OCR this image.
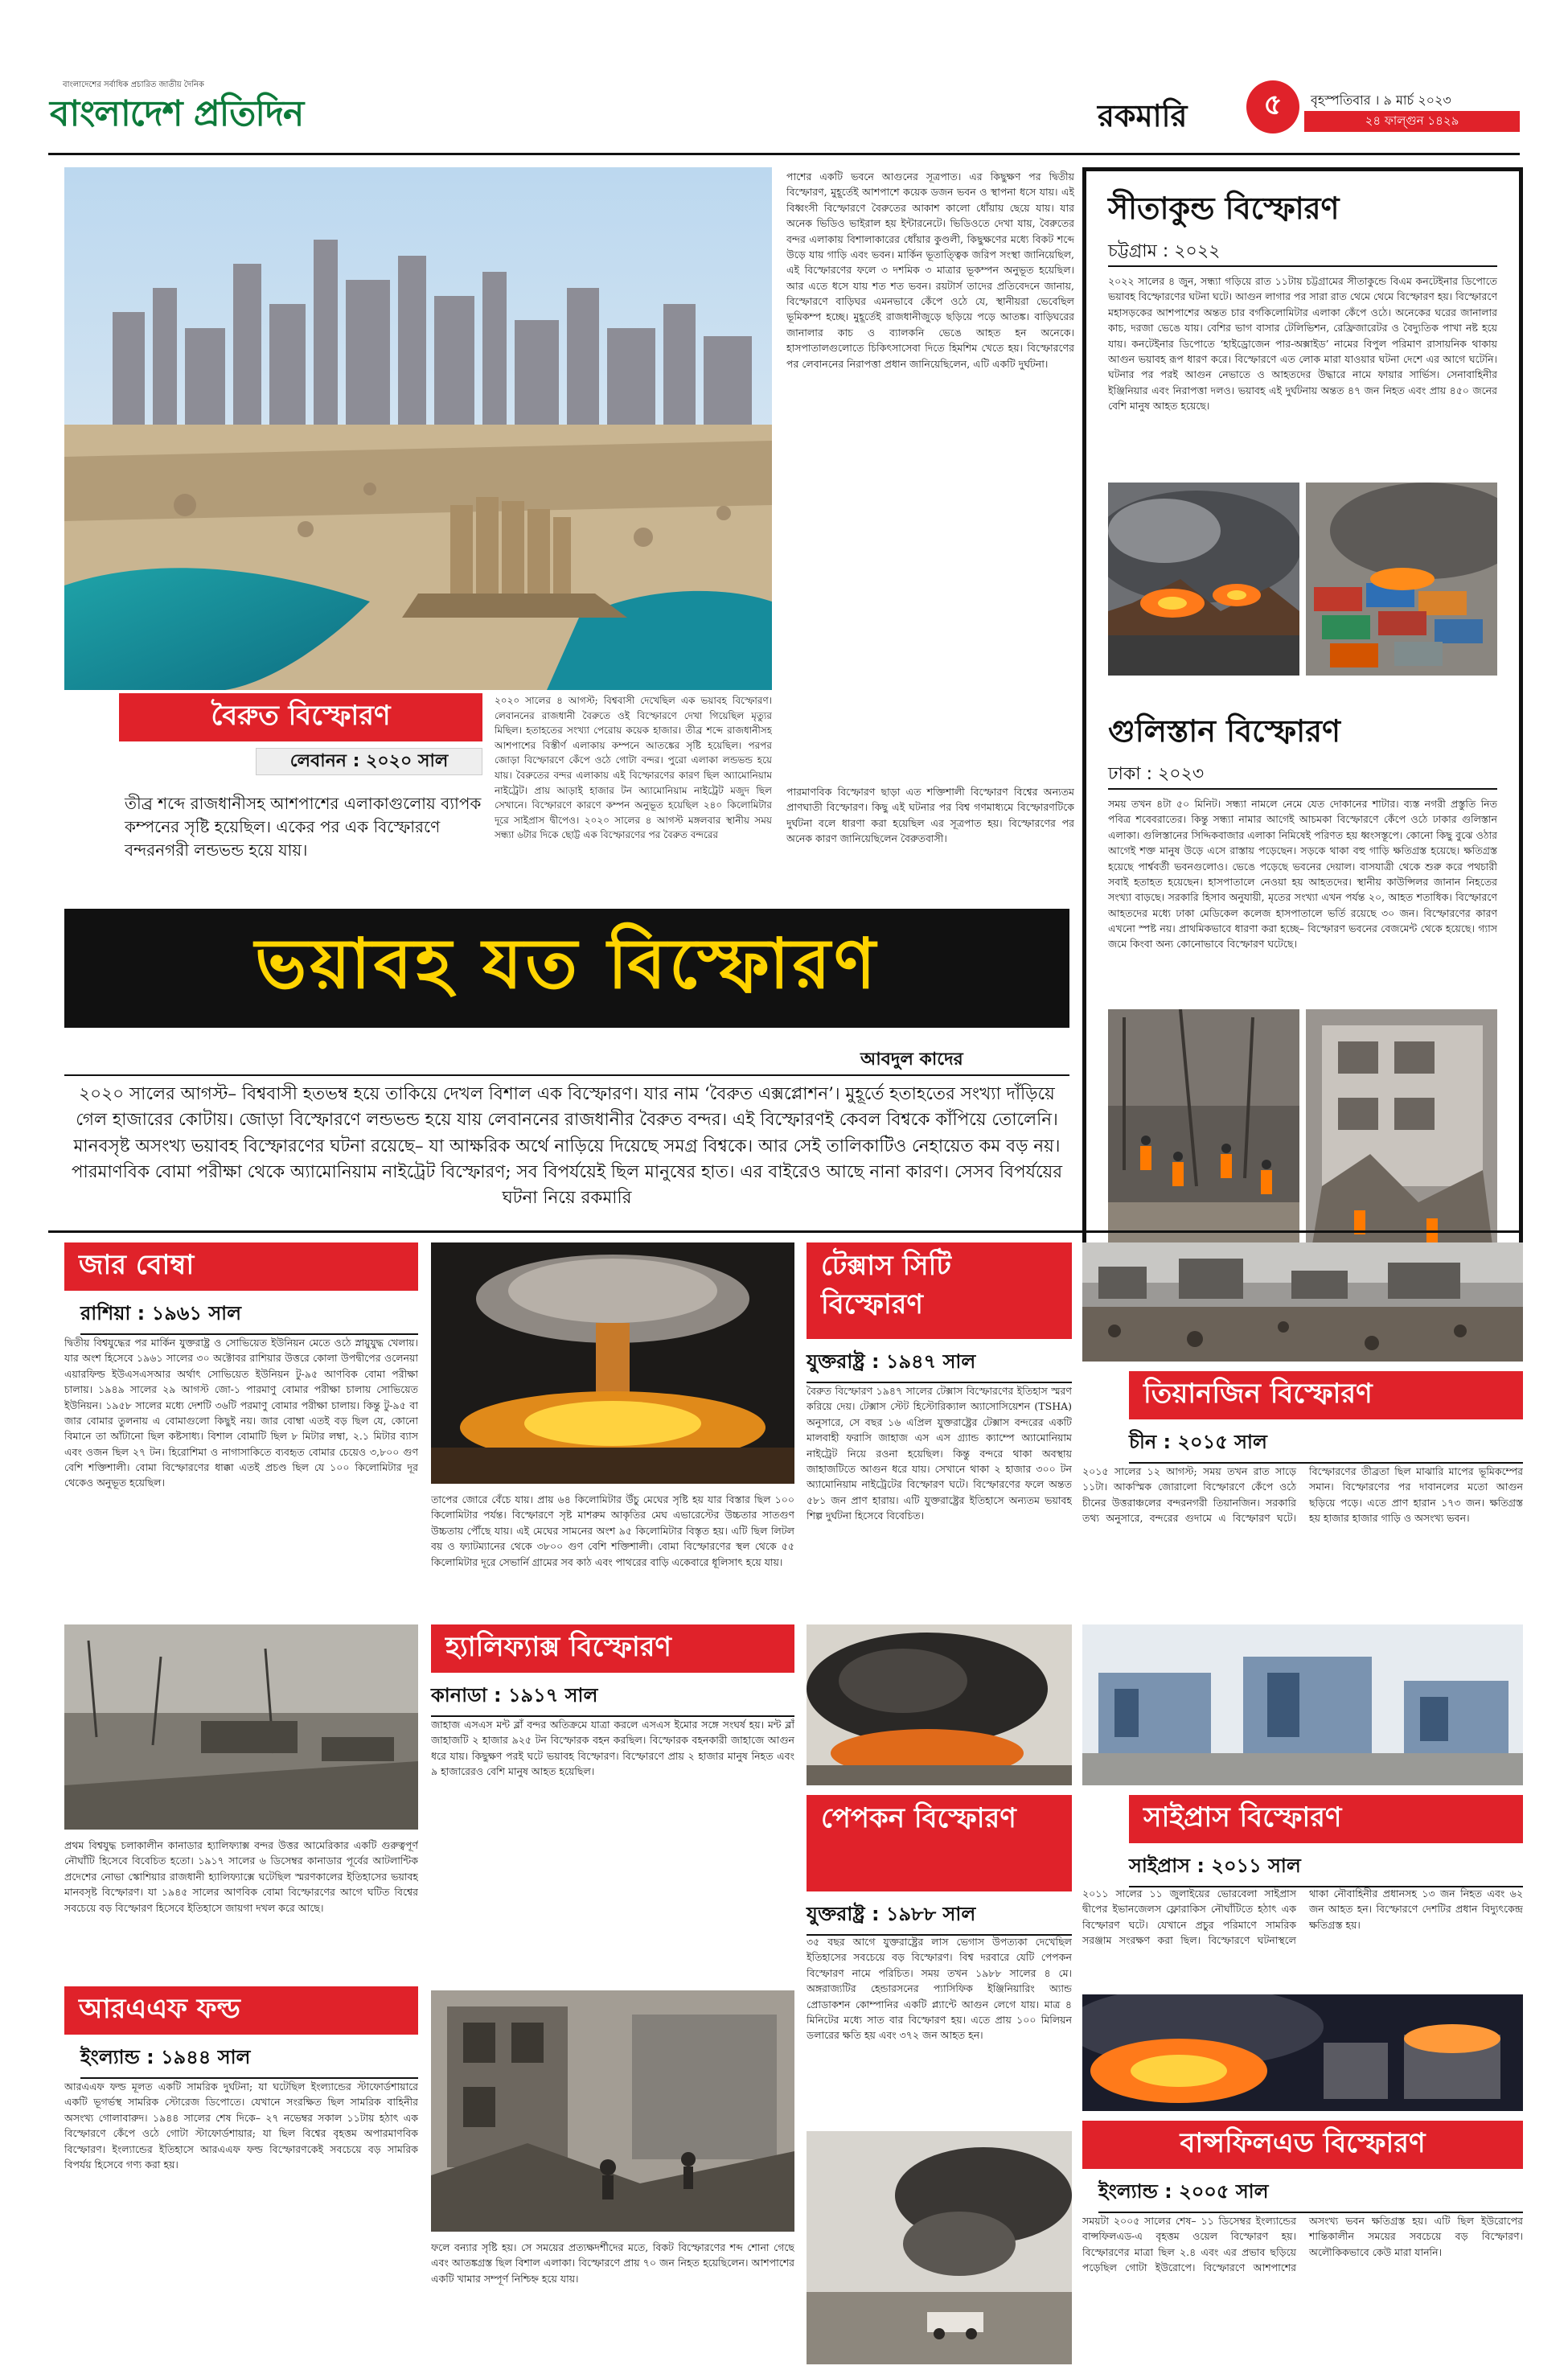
বাংলাদেশের সর্বাধিক প্রচারিত জাতীয় দৈনিক
বাংলাদেশ প্রতিদিন	রকমারি	৫ বৃহস্পতিবার । ৯ মার্চ ২০২৩
২৪ ফাল্গুন ১৪২৯
বৈরুত বিস্ফোরণ
লেবানন : ২০২০ সাল
তীব্র শব্দে রাজধানীসহ আশপাশের এলাকাগুলোয় ব্যাপক কম্পনের সৃষ্টি হয়েছিল। একের পর এক বিস্ফোরণে বন্দরনগরী লন্ডভন্ড হয়ে যায়।
২০২০ সালের ৪ আগস্ট; বিশ্ববাসী দেখেছিল এক ভয়াবহ বিস্ফোরণ। লেবাননের রাজধানী বৈরুতে ওই বিস্ফোরণে দেখা গিয়েছিল মৃত্যুর মিছিল। হতাহতের সংখ্যা পেরোয় কয়েক হাজার। তীব্র শব্দে রাজধানীসহ আশপাশের বিস্তীর্ণ এলাকায় কম্পনে আতঙ্কের সৃষ্টি হয়েছিল। পরপর জোড়া বিস্ফোরণে কেঁপে ওঠে গোটা বন্দর। পুরো এলাকা লন্ডভন্ড হয়ে যায়। বৈরুতের বন্দর এলাকায় এই বিস্ফোরণের কারণ ছিল অ্যামোনিয়াম নাইট্রেট। প্রায় আড়াই হাজার টন অ্যামোনিয়াম নাইট্রেট মজুদ ছিল সেখানে। বিস্ফোরণে কারণে কম্পন অনুভূত হয়েছিল ২৪০ কিলোমিটার দূরে সাইপ্রাস দ্বীপেও। ২০২০ সালের ৪ আগস্ট মঙ্গলবার স্থানীয় সময় সন্ধ্যা ৬টার দিকে ছোট্ট এক বিস্ফোরণের পর বৈরুত বন্দরের
পাশের একটি ভবনে আগুনের সূত্রপাত। এর কিছুক্ষণ পর দ্বিতীয় বিস্ফোরণ, মুহূর্তেই আশপাশে কয়েক ডজন ভবন ও স্থাপনা ধসে যায়। এই বিধ্বংসী বিস্ফোরণে বৈরুতের আকাশ কালো ধোঁয়ায় ছেয়ে যায়। যার অনেক ভিডিও ভাইরাল হয় ইন্টারনেটে। ভিডিওতে দেখা যায়, বৈরুতের বন্দর এলাকায় বিশালাকারের ধোঁয়ার কুণ্ডলী, কিছুক্ষণের মধ্যে বিকট শব্দে উড়ে যায় গাড়ি এবং ভবন। মার্কিন ভূতাত্ত্বিক জরিপ সংস্থা জানিয়েছিল, এই বিস্ফোরণের ফলে ৩ দশমিক ৩ মাত্রার ভূকম্পন অনুভূত হয়েছিল। আর এতে ধসে যায় শত শত ভবন। রয়টার্স তাদের প্রতিবেদনে জানায়, বিস্ফোরণে বাড়িঘর এমনভাবে কেঁপে ওঠে যে, স্থানীয়রা ভেবেছিল ভূমিকম্প হচ্ছে। মুহূর্তেই রাজধানীজুড়ে ছড়িয়ে পড়ে আতঙ্ক। বাড়িঘরের জানালার কাচ ও ব্যালকনি ভেঙে আহত হন অনেকে। হাসপাতালগুলোতে চিকিৎসাসেবা দিতে হিমশিম খেতে হয়। বিস্ফোরণের পর লেবাননের নিরাপত্তা প্রধান জানিয়েছিলেন, এটি একটি দুর্ঘটনা।
পারমাণবিক বিস্ফোরণ ছাড়া এত শক্তিশালী বিস্ফোরণ বিশ্বের অন্যতম প্রাণঘাতী বিস্ফোরণ। কিছু এই ঘটনার পর বিশ্ব গণমাধ্যমে বিস্ফোরণটিকে দুর্ঘটনা বলে ধারণা করা হয়েছিল এর সূত্রপাত হয়। বিস্ফোরণের পর অনেক কারণ জানিয়েছিলেন বৈরুতবাসী।
সীতাকুন্ড বিস্ফোরণ
চট্টগ্রাম : ২০২২
২০২২ সালের ৪ জুন, সন্ধ্যা গড়িয়ে রাত ১১টায় চট্টগ্রামের সীতাকুন্ডে বিএম কনটেইনার ডিপোতে ভয়াবহ বিস্ফোরণের ঘটনা ঘটে। আগুন লাগার পর সারা রাত থেমে থেমে বিস্ফোরণ হয়। বিস্ফোরণে মহাসড়কের আশপাশের অন্তত চার বর্গকিলোমিটার এলাকা কেঁপে ওঠে। অনেকের ঘরের জানালার কাচ, দরজা ভেঙে যায়। বেশির ভাগ বাসার টেলিভিশন, রেফ্রিজারেটর ও বৈদ্যুতিক পাখা নষ্ট হয়ে যায়। কনটেইনার ডিপোতে ‘হাইড্রোজেন পার-অক্সাইড’ নামের বিপুল পরিমাণ রাসায়নিক থাকায় আগুন ভয়াবহ রূপ ধারণ করে। বিস্ফোরণে এত লোক মারা যাওয়ার ঘটনা দেশে এর আগে ঘটেনি। ঘটনার পর পরই আগুন নেভাতে ও আহতদের উদ্ধারে নামে ফায়ার সার্ভিস। সেনাবাহিনীর ইঞ্জিনিয়ার এবং নিরাপত্তা দলও। ভয়াবহ এই দুর্ঘটনায় অন্তত ৪৭ জন নিহত এবং প্রায় ৪৫০ জনের বেশি মানুষ আহত হয়েছে।
গুলিস্তান বিস্ফোরণ
ঢাকা : ২০২৩
সময় তখন ৪টা ৫০ মিনিট। সন্ধ্যা নামলে নেমে যেত দোকানের শাটার। ব্যস্ত নগরী প্রস্তুতি নিত পবিত্র শবেবরাতের। কিন্তু সন্ধ্যা নামার আগেই আচমকা বিস্ফোরণে কেঁপে ওঠে ঢাকার গুলিস্তান এলাকা। গুলিস্তানের সিদ্দিকবাজার এলাকা নিমিষেই পরিণত হয় ধ্বংসস্তূপে। কোনো কিছু বুঝে ওঠার আগেই শক্ত মানুষ উড়ে এসে রাস্তায় পড়েছেন। সড়কে থাকা বহু গাড়ি ক্ষতিগ্রস্ত হয়েছে। ক্ষতিগ্রস্ত হয়েছে পার্শ্ববর্তী ভবনগুলোও। ভেঙে পড়েছে ভবনের দেয়াল। বাসযাত্রী থেকে শুরু করে পথচারী সবাই হতাহত হয়েছেন। হাসপাতালে নেওয়া হয় আহতদের। স্থানীয় কাউন্সিলর জানান নিহতের সংখ্যা বাড়ছে। সরকারি হিসাব অনুযায়ী, মৃতের সংখ্যা এখন পর্যন্ত ২০, আহত শতাধিক। বিস্ফোরণে আহতদের মধ্যে ঢাকা মেডিকেল কলেজ হাসপাতালে ভর্তি রয়েছে ৩০ জন। বিস্ফোরণের কারণ এখনো স্পষ্ট নয়। প্রাথমিকভাবে ধারণা করা হচ্ছে– বিস্ফোরণ ভবনের বেজমেন্ট থেকে হয়েছে। গ্যাস জমে কিংবা অন্য কোনোভাবে বিস্ফোরণ ঘটেছে।
ভয়াবহ যত বিস্ফোরণ
আবদুল কাদের
২০২০ সালের আগস্ট– বিশ্ববাসী হতভম্ব হয়ে তাকিয়ে দেখল বিশাল এক বিস্ফোরণ। যার নাম ‘বৈরুত এক্সপ্লোশন’। মুহূর্তে হতাহতের সংখ্যা দাঁড়িয়ে গেল হাজারের কোটায়। জোড়া বিস্ফোরণে লন্ডভন্ড হয়ে যায় লেবাননের রাজধানীর বৈরুত বন্দর। এই বিস্ফোরণই কেবল বিশ্বকে কাঁপিয়ে তোলেনি। মানবসৃষ্ট অসংখ্য ভয়াবহ বিস্ফোরণের ঘটনা রয়েছে– যা আক্ষরিক অর্থে নাড়িয়ে দিয়েছে সমগ্র বিশ্বকে। আর সেই তালিকাটিও নেহায়েত কম বড় নয়। পারমাণবিক বোমা পরীক্ষা থেকে অ্যামোনিয়াম নাইট্রেট বিস্ফোরণ; সব বিপর্যয়েই ছিল মানুষের হাত। এর বাইরেও আছে নানা কারণ। সেসব বিপর্যয়ের ঘটনা নিয়ে রকমারি
জার বোম্বা
রাশিয়া : ১৯৬১ সাল
দ্বিতীয় বিশ্বযুদ্ধের পর মার্কিন যুক্তরাষ্ট্র ও সোভিয়েত ইউনিয়ন মেতে ওঠে স্নায়ুযুদ্ধ খেলায়। যার অংশ হিসেবে ১৯৬১ সালের ৩০ অক্টোবর রাশিয়ার উত্তরে কোলা উপদ্বীপের ওলেনয়া এয়ারফিল্ড ইউএসএসআর অর্থাৎ সোভিয়েত ইউনিয়ন টু-৯৫ আণবিক বোমা পরীক্ষা চালায়। ১৯৪৯ সালের ২৯ আগস্ট জো-১ পারমাণু বোমার পরীক্ষা চালায় সোভিয়েত ইউনিয়ন। ১৯৫৮ সালের মধ্যে দেশটি ৩৬টি পরমাণু বোমার পরীক্ষা চালায়। কিন্তু টু-৯৫ বা জার বোমার তুলনায় এ বোমাগুলো কিছুই নয়। জার বোম্বা এতই বড় ছিল যে, কোনো বিমানে তা আঁটানো ছিল কষ্টসাধ্য। বিশাল বোমাটি ছিল ৮ মিটার লম্বা, ২.১ মিটার ব্যাস এবং ওজন ছিল ২৭ টন। হিরোশিমা ও নাগাসাকিতে ব্যবহৃত বোমার চেয়েও ৩,৮০০ গুণ বেশি শক্তিশালী। বোমা বিস্ফোরণের ধাক্কা এতই প্রচণ্ড ছিল যে ১০০ কিলোমিটার দূর থেকেও অনুভূত হয়েছিল।
তাপের জোরে বেঁচে যায়। প্রায় ৬৪ কিলোমিটার উঁচু মেঘের সৃষ্টি হয় যার বিস্তার ছিল ১০০ কিলোমিটার পর্যন্ত। বিস্ফোরণে সৃষ্ট মাশরুম আকৃতির মেঘ এভারেস্টের উচ্চতার সাতগুণ উচ্চতায় পৌঁছে যায়। এই মেঘের সামনের অংশ ৯৫ কিলোমিটার বিস্তৃত হয়। এটি ছিল লিটল বয় ও ফ্যাটম্যানের থেকে ৩৮০০ গুণ বেশি শক্তিশালী। বোমা বিস্ফোরণের স্থল থেকে ৫৫ কিলোমিটার দূরে সেভার্নি গ্রামের সব কাঠ এবং পাথরের বাড়ি একেবারে ধূলিসাৎ হয়ে যায়।
টেক্সাস সিটি বিস্ফোরণ
যুক্তরাষ্ট্র : ১৯৪৭ সাল
বৈরুত বিস্ফোরণ ১৯৪৭ সালের টেক্সাস বিস্ফোরণের ইতিহাস স্মরণ করিয়ে দেয়। টেক্সাস স্টেট হিস্টোরিক্যাল অ্যাসোসিয়েশন (TSHA) অনুসারে, সে বছর ১৬ এপ্রিল যুক্তরাষ্ট্রের টেক্সাস বন্দরের একটি মালবাহী ফরাসি জাহাজ এস এস গ্র্যান্ড ক্যাম্পে অ্যামোনিয়াম নাইট্রেট নিয়ে রওনা হয়েছিল। কিন্তু বন্দরে থাকা অবস্থায় জাহাজটিতে আগুন ধরে যায়। সেখানে থাকা ২ হাজার ৩০০ টন অ্যামোনিয়াম নাইট্রেটের বিস্ফোরণ ঘটে। বিস্ফোরণের ফলে অন্তত ৫৮১ জন প্রাণ হারায়। এটি যুক্তরাষ্ট্রের ইতিহাসে অন্যতম ভয়াবহ শিল্প দুর্ঘটনা হিসেবে বিবেচিত।
তিয়ানজিন বিস্ফোরণ
চীন : ২০১৫ সাল
২০১৫ সালের ১২ আগস্ট; সময় তখন রাত সাড়ে ১১টা। আকস্মিক জোরালো বিস্ফোরণে কেঁপে ওঠে চীনের উত্তরাঞ্চলের বন্দরনগরী তিয়ানজিন। সরকারি তথ্য অনুসারে, বন্দরের গুদামে এ বিস্ফোরণ ঘটে। বিস্ফোরণের তীব্রতা ছিল মাঝারি মাপের ভূমিকম্পের সমান। বিস্ফোরণের পর দাবানলের মতো আগুন ছড়িয়ে পড়ে। এতে প্রাণ হারান ১৭৩ জন। ক্ষতিগ্রস্ত হয় হাজার হাজার গাড়ি ও অসংখ্য ভবন।
প্রথম বিশ্বযুদ্ধ চলাকালীন কানাডার হ্যালিফ্যাক্স বন্দর উত্তর আমেরিকার একটি গুরুত্বপূর্ণ নৌঘাঁটি হিসেবে বিবেচিত হতো। ১৯১৭ সালের ৬ ডিসেম্বর কানাডার পূর্বের আটলান্টিক প্রদেশের নোভা স্কোশিয়ার রাজধানী হ্যালিফ্যাক্সে ঘটেছিল স্মরণকালের ইতিহাসের ভয়াবহ মানবসৃষ্ট বিস্ফোরণ। যা ১৯৪৫ সালের আণবিক বোমা বিস্ফোরণের আগে ঘটিত বিশ্বের সবচেয়ে বড় বিস্ফোরণ হিসেবে ইতিহাসে জায়গা দখল করে আছে।
হ্যালিফ্যাক্স বিস্ফোরণ
কানাডা : ১৯১৭ সাল
জাহাজ এসএস মন্ট ব্লাঁ বন্দর অতিক্রমে যাত্রা করলে এসএস ইমোর সঙ্গে সংঘর্ষ হয়। মন্ট ব্লাঁ জাহাজটি ২ হাজার ৯২৫ টন বিস্ফোরক বহন করছিল। বিস্ফোরক বহনকারী জাহাজে আগুন ধরে যায়। কিছুক্ষণ পরই ঘটে ভয়াবহ বিস্ফোরণ। বিস্ফোরণে প্রায় ২ হাজার মানুষ নিহত এবং ৯ হাজারেরও বেশি মানুষ আহত হয়েছিল।
পেপকন বিস্ফোরণ
যুক্তরাষ্ট্র : ১৯৮৮ সাল
৩৫ বছর আগে যুক্তরাষ্ট্রের লাস ভেগাস উপত্যকা দেখেছিল ইতিহাসের সবচেয়ে বড় বিস্ফোরণ। বিশ্ব দরবারে যেটি পেপকন বিস্ফোরণ নামে পরিচিত। সময় তখন ১৯৮৮ সালের ৪ মে। অঙ্গরাজ্যটির হেন্ডারসনের প্যাসিফিক ইঞ্জিনিয়ারিং অ্যান্ড প্রোডাকশন কোম্পানির একটি প্ল্যান্টে আগুন লেগে যায়। মাত্র ৪ মিনিটের মধ্যে সাত বার বিস্ফোরণ হয়। এতে প্রায় ১০০ মিলিয়ন ডলারের ক্ষতি হয় এবং ৩৭২ জন আহত হন।
সাইপ্রাস বিস্ফোরণ
সাইপ্রাস : ২০১১ সাল
২০১১ সালের ১১ জুলাইয়ের ভোরবেলা সাইপ্রাস দ্বীপের ইভানজেলস ফ্লোরাকিস নৌঘাঁটিতে হঠাৎ এক বিস্ফোরণ ঘটে। যেখানে প্রচুর পরিমাণে সামরিক সরঞ্জাম সংরক্ষণ করা ছিল। বিস্ফোরণে ঘটনাস্থলে থাকা নৌবাহিনীর প্রধানসহ ১৩ জন নিহত এবং ৬২ জন আহত হন। বিস্ফোরণে দেশটির প্রধান বিদ্যুৎকেন্দ্র ক্ষতিগ্রস্ত হয়।
আরএএফ ফল্ড
ইংল্যান্ড : ১৯৪৪ সাল
আরএএফ ফল্ড মূলত একটি সামরিক দুর্ঘটনা; যা ঘটেছিল ইংল্যান্ডের স্টাফোর্ডশায়ারে একটি ভূগর্ভস্থ সামরিক স্টোরেজ ডিপোতে। যেখানে সংরক্ষিত ছিল সামরিক বাহিনীর অসংখ্য গোলাবারুদ। ১৯৪৪ সালের শেষ দিকে– ২৭ নভেম্বর সকাল ১১টায় হঠাৎ এক বিস্ফোরণে কেঁপে ওঠে গোটা স্টাফোর্ডশায়ার; যা ছিল বিশ্বের বৃহত্তম অপারমাণবিক বিস্ফোরণ। ইংল্যান্ডের ইতিহাসে আরএএফ ফল্ড বিস্ফোরণকেই সবচেয়ে বড় সামরিক বিপর্যয় হিসেবে গণ্য করা হয়।
ফলে বন্যার সৃষ্টি হয়। সে সময়ের প্রত্যক্ষদর্শীদের মতে, বিকট বিস্ফোরণের শব্দ শোনা গেছে এবং আতঙ্কগ্রস্ত ছিল বিশাল এলাকা। বিস্ফোরণে প্রায় ৭০ জন নিহত হয়েছিলেন। আশপাশের একটি খামার সম্পূর্ণ নিশ্চিহ্ন হয়ে যায়।
বান্সফিলএড বিস্ফোরণ
ইংল্যান্ড : ২০০৫ সাল
সময়টা ২০০৫ সালের শেষ– ১১ ডিসেম্বর ইংল্যান্ডের বান্সফিলএড-এ বৃহত্তম ওয়েল বিস্ফোরণ হয়। বিস্ফোরণের মাত্রা ছিল ২.৪ এবং এর প্রভাব ছড়িয়ে পড়েছিল গোটা ইউরোপে। বিস্ফোরণে আশপাশের অসংখ্য ভবন ক্ষতিগ্রস্ত হয়। এটি ছিল ইউরোপের শান্তিকালীন সময়ের সবচেয়ে বড় বিস্ফোরণ। অলৌকিকভাবে কেউ মারা যাননি।
